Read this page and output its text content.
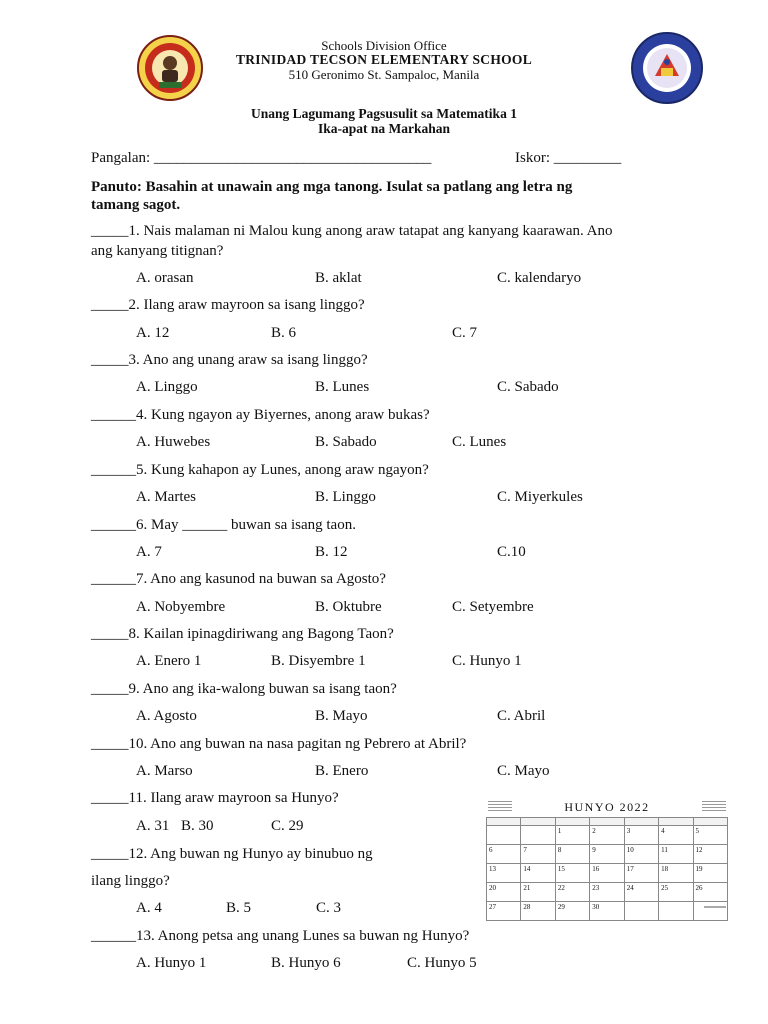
Schools Division Office
TRINIDAD TECSON ELEMENTARY SCHOOL
510 Geronimo St. Sampaloc, Manila
Unang Lagumang Pagsusulit sa Matematika 1
Ika-apat na Markahan
Pangalan: _____________________________________	Iskor: _________
Panuto: Basahin at unawain ang mga tanong. Isulat sa patlang ang letra ng
tamang sagot.
_____1. Nais malaman ni Malou kung anong araw tatapat ang kanyang kaarawan. Ano
ang kanyang titignan?
A. orasan	B. aklat	C. kalendaryo
_____2. Ilang araw mayroon sa isang linggo?
A. 12	B. 6	C. 7
_____3. Ano ang unang araw sa isang linggo?
A. Linggo	B. Lunes	C. Sabado
______4. Kung ngayon ay Biyernes, anong araw bukas?
A. Huwebes	B. Sabado	C. Lunes
______5. Kung kahapon ay Lunes, anong araw ngayon?
A. Martes	B. Linggo	C. Miyerkules
______6. May ______ buwan sa isang taon.
A. 7	B. 12	C.10
______7. Ano ang kasunod na buwan sa Agosto?
A. Nobyembre	B. Oktubre	C. Setyembre
_____8. Kailan ipinagdiriwang ang Bagong Taon?
A. Enero 1	B. Disyembre 1	C. Hunyo 1
_____9. Ano ang ika-walong buwan sa isang taon?
A. Agosto	B. Mayo	C. Abril
_____10. Ano ang buwan na nasa pagitan ng Pebrero at Abril?
A. Marso	B. Enero	C. Mayo
_____11. Ilang araw mayroon sa Hunyo?
A. 31 B. 30	C. 29
_____12. Ang buwan ng Hunyo ay binubuo ng
ilang linggo?
A. 4	B. 5	C. 3
______13. Anong petsa ang unang Lunes sa buwan ng Hunyo?
A. Hunyo 1	B. Hunyo 6	C. Hunyo 5
HUNYO 2022

		1	2	3	4	5
6	7	8	9	10	11	12
13	14	15	16	17	18	19
20	21	22	23	24	25	26
27	28	29	30			
